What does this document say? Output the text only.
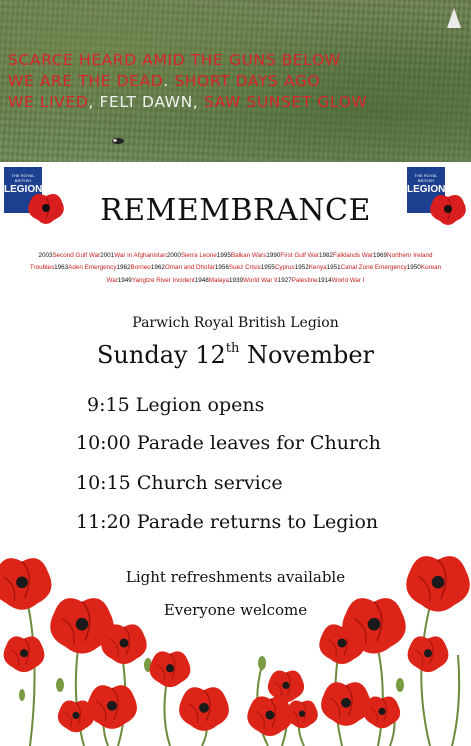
SCARCE HEARD AMID THE GUNS BELOW
WE ARE THE DEAD. SHORT DAYS AGO
WE LIVED, FELT DAWN, SAW SUNSET GLOW
THE ROYAL BRITISH
LEGION
THE ROYAL BRITISH
LEGION
REMEMBRANCE
2003Second Gulf War2001War in Afghanistan2000Sierra Leone1995Balkan Wars1990First Gulf War1982Falklands War1969Northern Ireland Troubles1963Aden Emergency1962Borneo1962Oman and Dhofar1956Suez Crisis1955Cyprus1952Kenya1951Canal Zone Emergency1950Korean War1949Yangtze River Incident1948Malaya1939World War II1927Palestine1914World War I
Parwich Royal British Legion
Sunday 12th November
9:15 Legion opens
10:00 Parade leaves for Church
10:15 Church service
11:20 Parade returns to Legion
Light refreshments available
Everyone welcome
